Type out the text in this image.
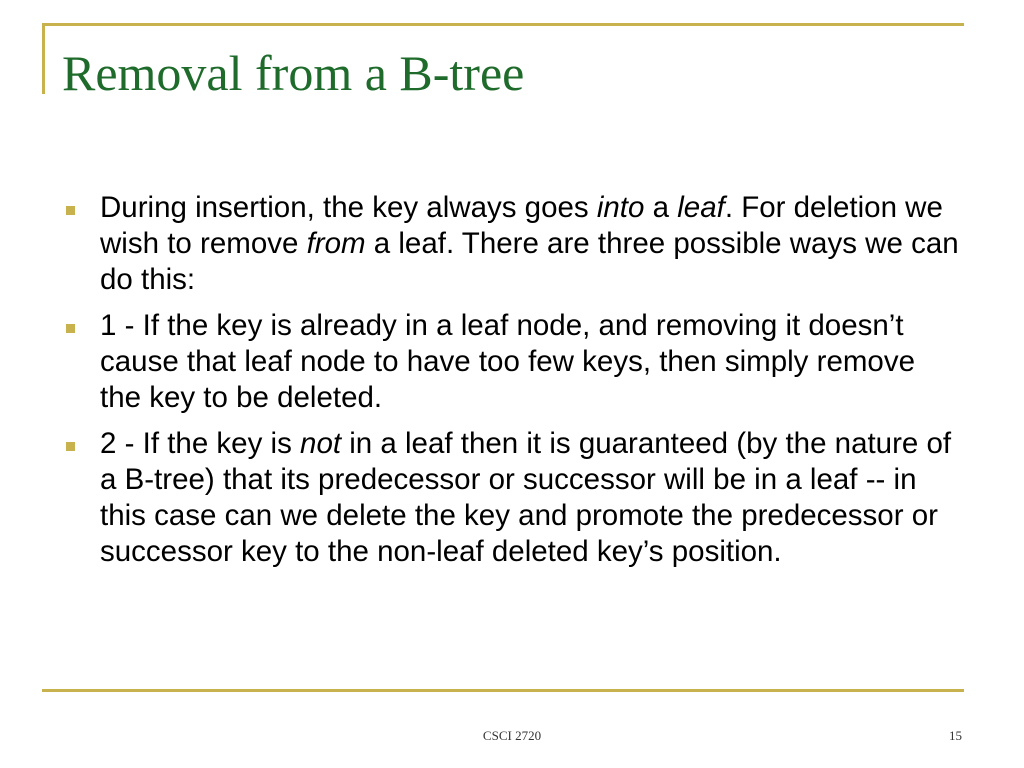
Removal from a B-tree
During insertion, the key always goes into a leaf. For deletion we wish to remove from a leaf. There are three possible ways we can do this:
1 - If the key is already in a leaf node, and removing it doesn’t cause that leaf node to have too few keys, then simply remove the key to be deleted.
2 - If the key is not in a leaf then it is guaranteed (by the nature of a B-tree) that its predecessor or successor will be in a leaf -- in this case can we delete the key and promote the predecessor or successor key to the non-leaf deleted key’s position.
CSCI 2720	15
